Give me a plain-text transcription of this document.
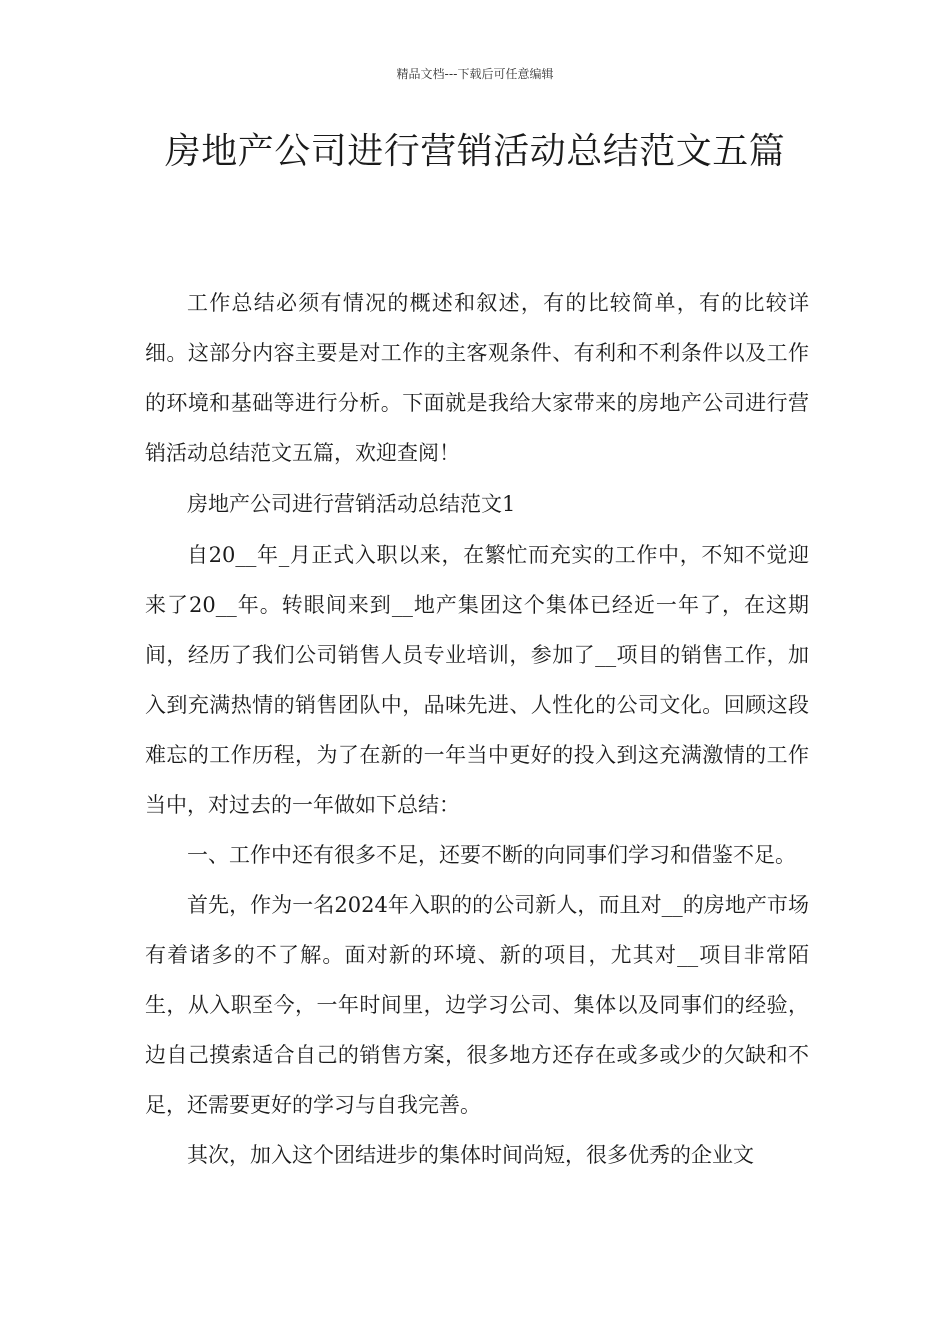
精品文档---下载后可任意编辑
房地产公司进行营销活动总结范文五篇

工作总结必须有情况的概述和叙述，有的比较简单，有的比较详细。这部分内容主要是对工作的主客观条件、有利和不利条件以及工作的环境和基础等进行分析。下面就是我给大家带来的房地产公司进行营销活动总结范文五篇，欢迎查阅！

房地产公司进行营销活动总结范文1

自20__年_月正式入职以来，在繁忙而充实的工作中，不知不觉迎来了20__年。转眼间来到__地产集团这个集体已经近一年了，在这期间，经历了我们公司销售人员专业培训，参加了__项目的销售工作，加入到充满热情的销售团队中，品味先进、人性化的公司文化。回顾这段难忘的工作历程，为了在新的一年当中更好的投入到这充满激情的工作当中，对过去的一年做如下总结：

一、工作中还有很多不足，还要不断的向同事们学习和借鉴不足。

首先，作为一名2024年入职的的公司新人，而且对__的房地产市场有着诸多的不了解。面对新的环境、新的项目，尤其对__项目非常陌生，从入职至今，一年时间里，边学习公司、集体以及同事们的经验，边自己摸索适合自己的销售方案，很多地方还存在或多或少的欠缺和不足，还需要更好的学习与自我完善。

其次，加入这个团结进步的集体时间尚短，很多优秀的企业文
